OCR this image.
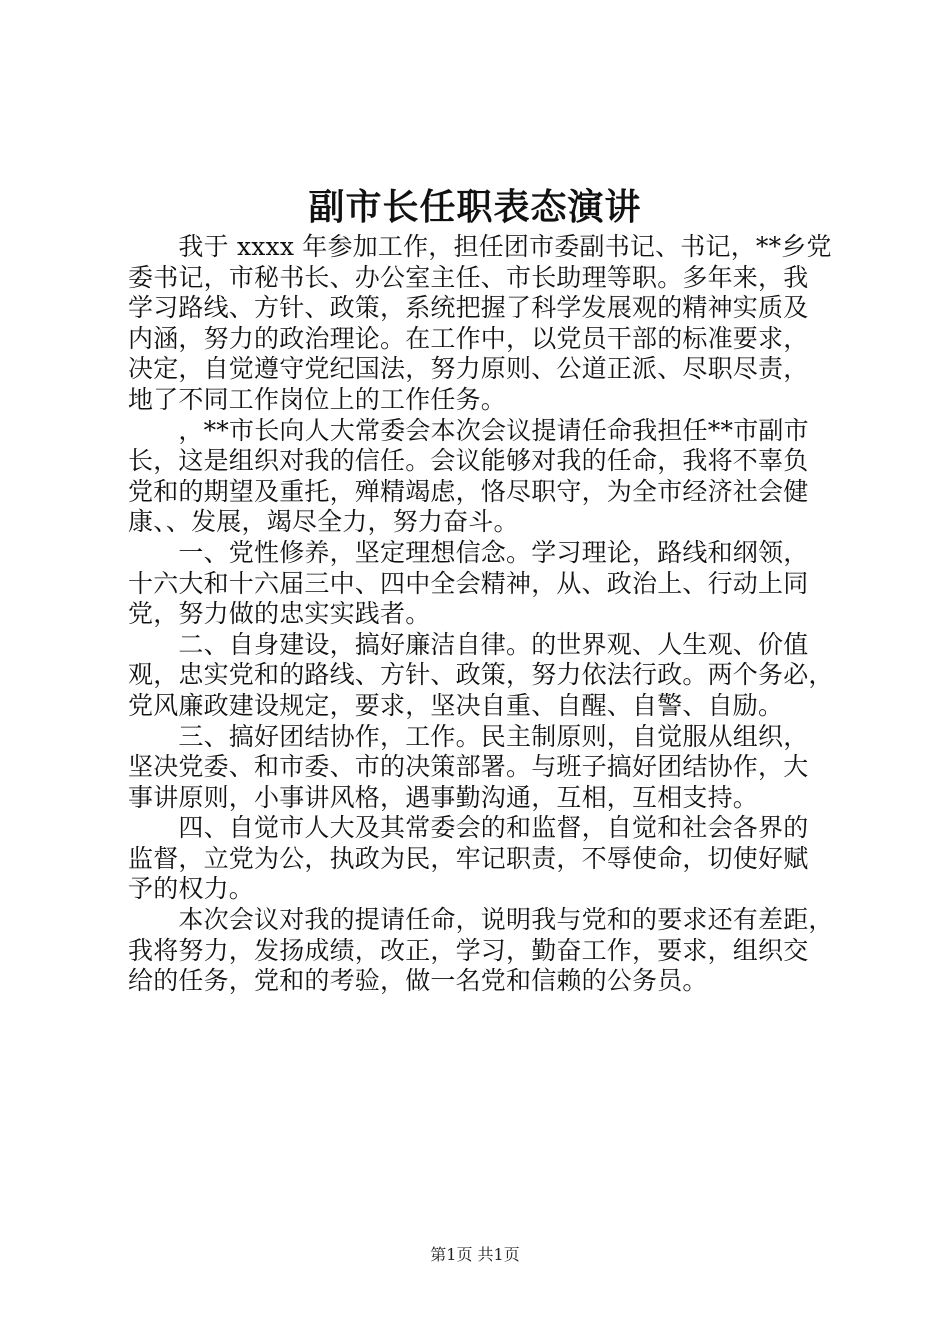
副市长任职表态演讲
　　我于 xxxx 年参加工作，担任团市委副书记、书记，**乡党
委书记，市秘书长、办公室主任、市长助理等职。多年来，我
学习路线、方针、政策，系统把握了科学发展观的精神实质及
内涵，努力的政治理论。在工作中，以党员干部的标准要求，
决定，自觉遵守党纪国法，努力原则、公道正派、尽职尽责，
地了不同工作岗位上的工作任务。
　　，**市长向人大常委会本次会议提请任命我担任**市副市
长，这是组织对我的信任。会议能够对我的任命，我将不辜负
党和的期望及重托，殚精竭虑，恪尽职守，为全市经济社会健
康、、发展，竭尽全力，努力奋斗。
　　一、党性修养，坚定理想信念。学习理论，路线和纲领，
十六大和十六届三中、四中全会精神，从、政治上、行动上同
党，努力做的忠实实践者。
　　二、自身建设，搞好廉洁自律。的世界观、人生观、价值
观，忠实党和的路线、方针、政策，努力依法行政。两个务必，
党风廉政建设规定，要求，坚决自重、自醒、自警、自励。
　　三、搞好团结协作，工作。民主制原则，自觉服从组织，
坚决党委、和市委、市的决策部署。与班子搞好团结协作，大
事讲原则，小事讲风格，遇事勤沟通，互相，互相支持。
　　四、自觉市人大及其常委会的和监督，自觉和社会各界的
监督，立党为公，执政为民，牢记职责，不辱使命，切使好赋
予的权力。
　　本次会议对我的提请任命，说明我与党和的要求还有差距，
我将努力，发扬成绩，改正，学习，勤奋工作，要求，组织交
给的任务，党和的考验，做一名党和信赖的公务员。
第1页 共1页
